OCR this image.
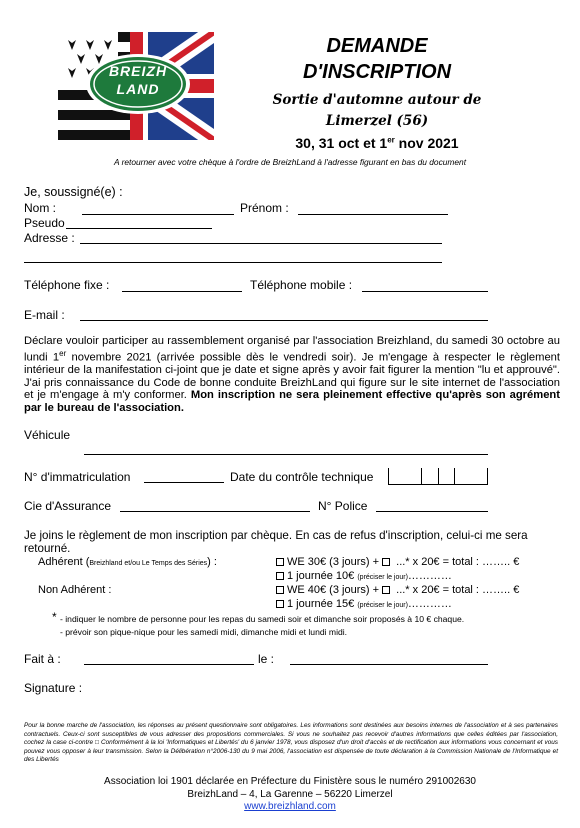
BREIZH
LAND
DEMANDE
D'INSCRIPTION
Sortie d'automne autour de
Limerzel (56)
30, 31 oct et 1er nov 2021
A retourner avec votre chèque à l'ordre de BreizhLand à l'adresse figurant en bas du document
Je, soussigné(e) :
Nom :	Prénom :
Pseudo
Adresse :
Téléphone fixe :	Téléphone mobile :
E-mail :
Déclare vouloir participer au rassemblement organisé par l'association Breizhland, du samedi 30 octobre au lundi 1er novembre 2021 (arrivée possible dès le vendredi soir). Je m'engage à respecter le règlement intérieur de la manifestation ci-joint que je date et signe après y avoir fait figurer la mention "lu et approuvé". J'ai pris connaissance du Code de bonne conduite BreizhLand qui figure sur le site internet de l'association et je m'engage à m'y conformer. Mon inscription ne sera pleinement effective qu'après son agrément par le bureau de l'association.
Véhicule
N° d'immatriculation	Date du contrôle technique
Cie d'Assurance	N° Police
Je joins le règlement de mon inscription par chèque. En cas de refus d'inscription, celui-ci me sera retourné.
Adhérent (Breizhland et/ou Le Temps des Séries) :	WE 30€ (3 jours) +  ...* x 20€ = total : …….. €
1 journée 10€ (préciser le jour)…………
Non Adhérent :	WE 40€ (3 jours) +  ...* x 20€ = total : …….. €
1 journée 15€ (préciser le jour)…………
* - indiquer le nombre de personne pour les repas du samedi soir et dimanche soir proposés à 10 € chaque.
- prévoir son pique-nique pour les samedi midi, dimanche midi et lundi midi.
Fait à :	le :
Signature :
Pour la bonne marche de l'association, les réponses au présent questionnaire sont obligatoires. Les informations sont destinées aux besoins internes de l'association et à ses partenaires contractuels. Ceux-ci sont susceptibles de vous adresser des propositions commerciales. Si vous ne souhaitez pas recevoir d'autres informations que celles éditées par l'association, cochez la case ci-contre □ Conformément à la loi 'Informatiques et Libertés' du 6 janvier 1978, vous disposez d'un droit d'accès et de rectification aux informations vous concernant et vous pouvez vous opposer à leur transmission. Selon la Délibération n°2006-130 du 9 mai 2006, l'association est dispensée de toute déclaration à la Commission Nationale de l'Informatique et des Libertés
Association loi 1901 déclarée en Préfecture du Finistère sous le numéro 291002630
BreizhLand – 4, La Garenne – 56220 Limerzel
www.breizhland.com
